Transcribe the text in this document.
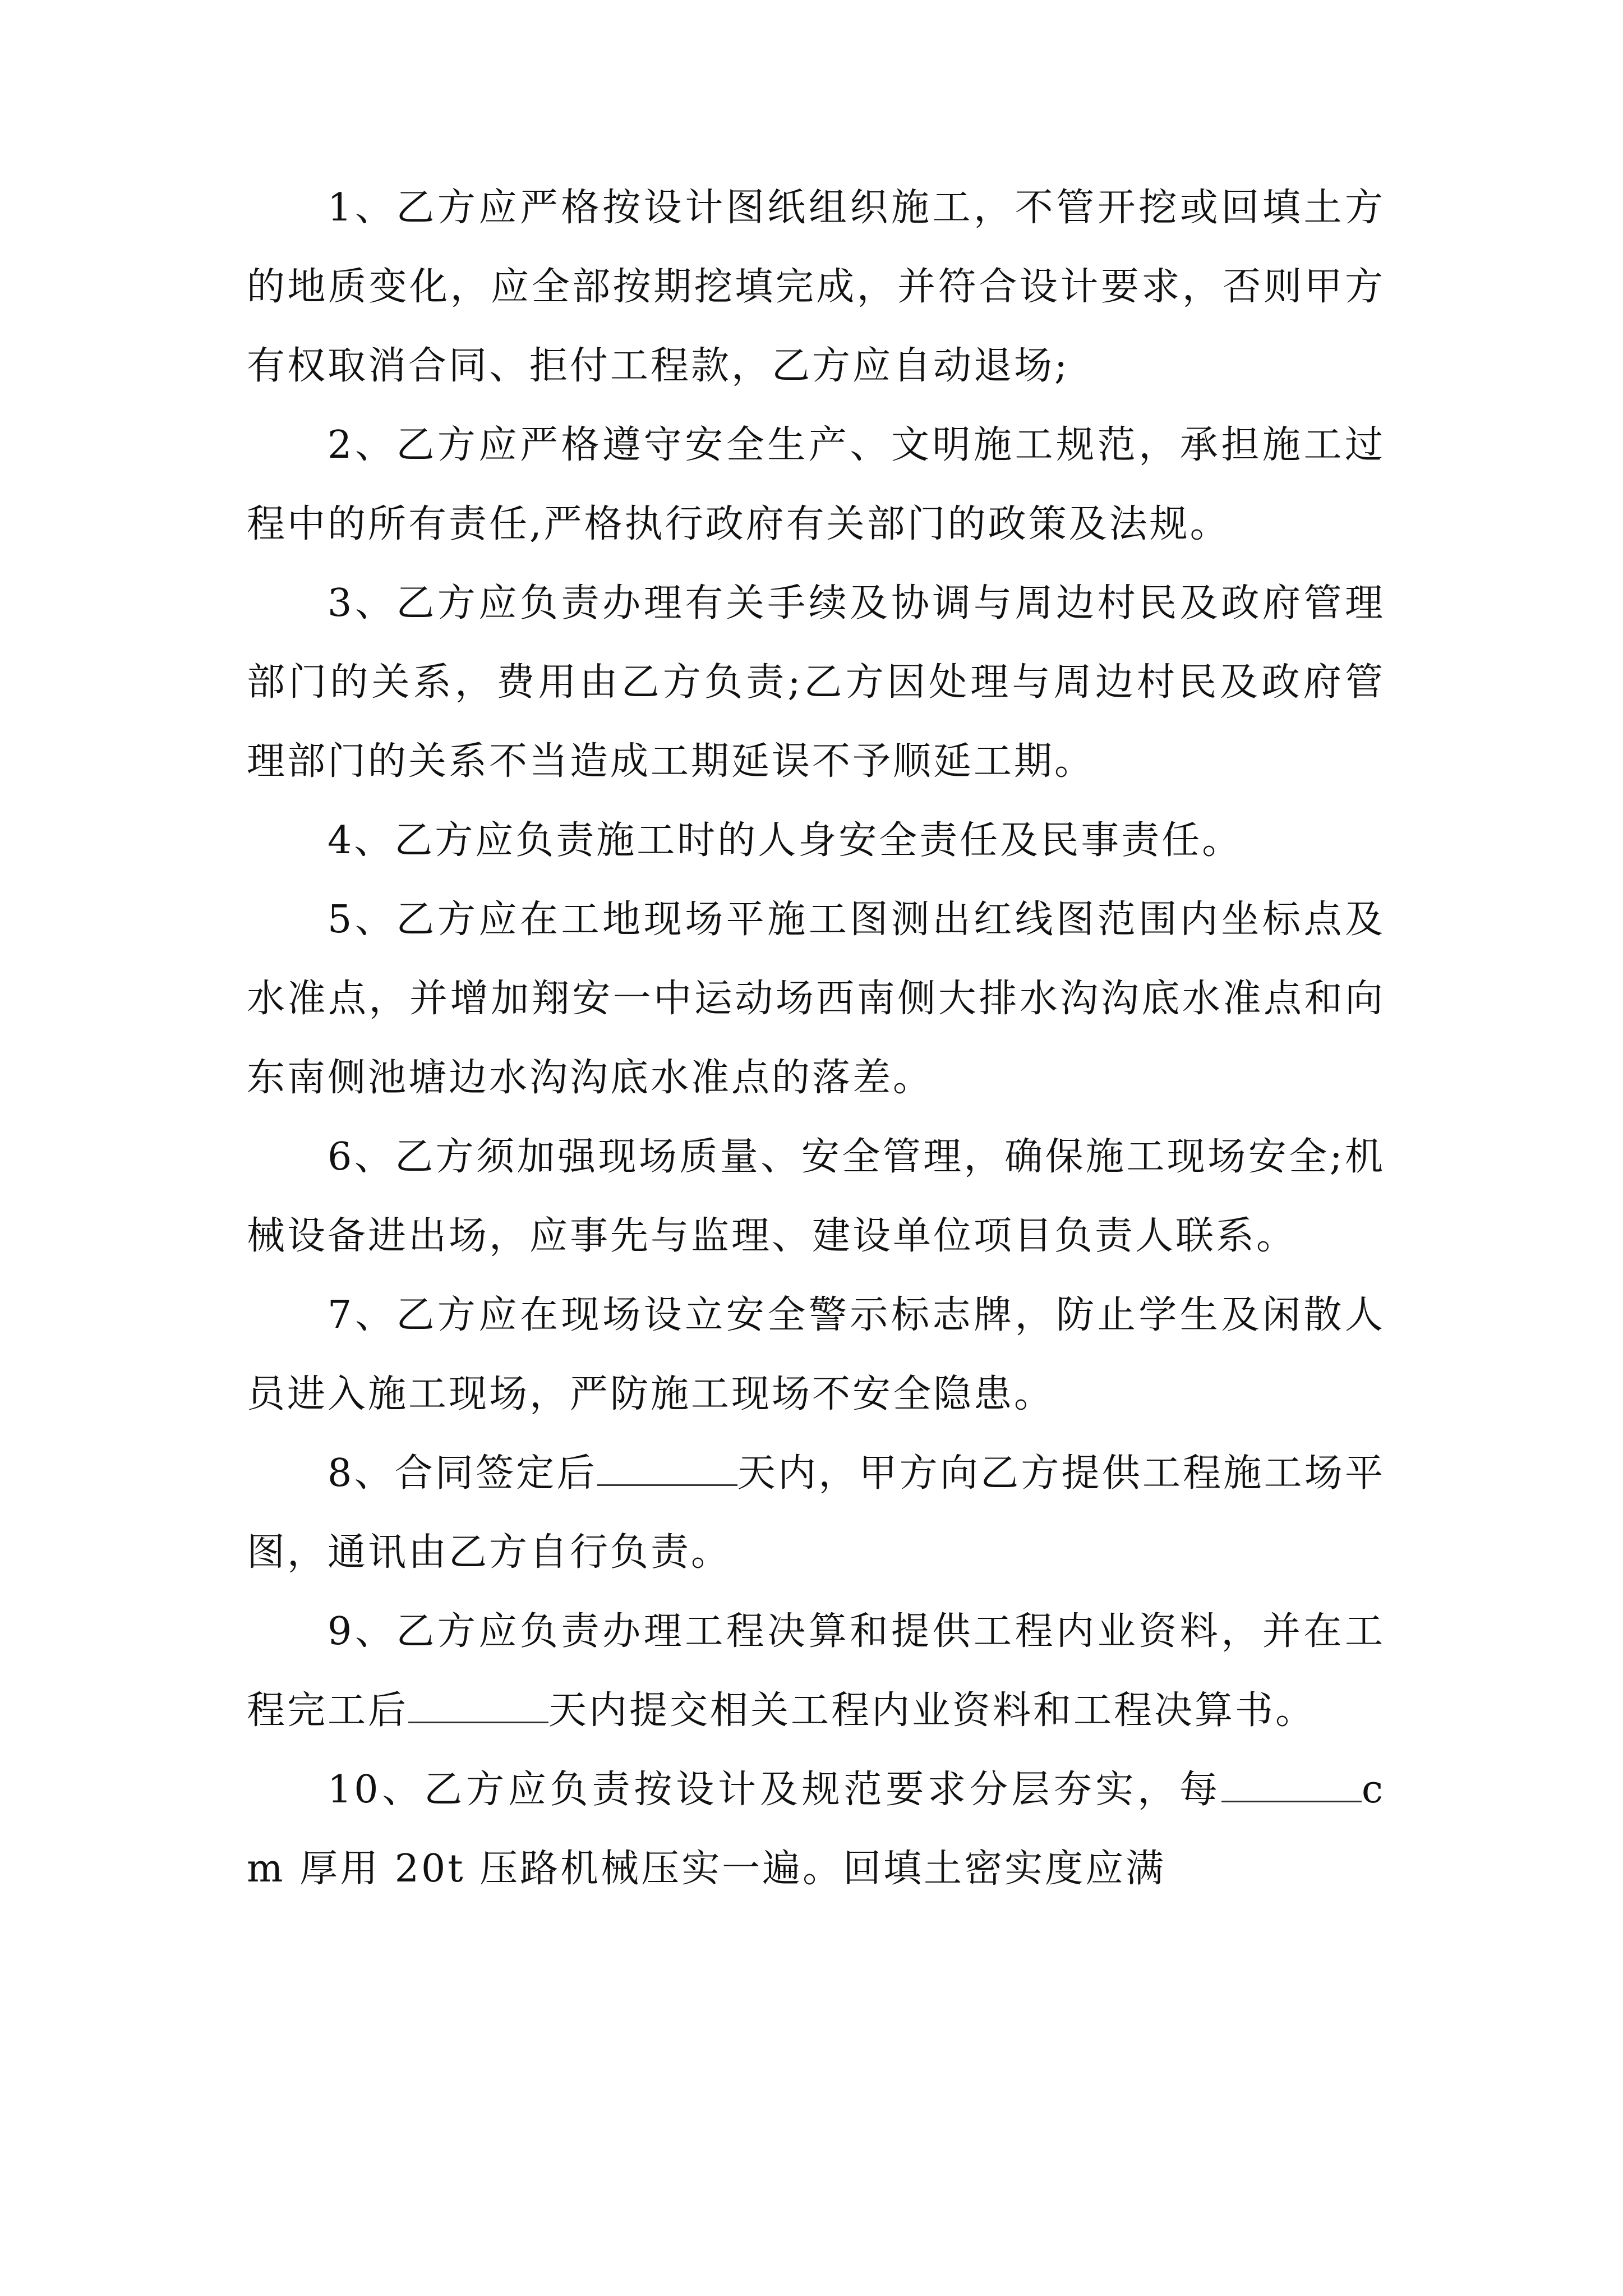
1、乙方应严格按设计图纸组织施工，不管开挖或回填土方的地质变化，应全部按期挖填完成，并符合设计要求，否则甲方有权取消合同、拒付工程款，乙方应自动退场;

2、乙方应严格遵守安全生产、文明施工规范，承担施工过程中的所有责任,严格执行政府有关部门的政策及法规。

3、乙方应负责办理有关手续及协调与周边村民及政府管理部门的关系，费用由乙方负责;乙方因处理与周边村民及政府管理部门的关系不当造成工期延误不予顺延工期。

4、乙方应负责施工时的人身安全责任及民事责任。

5、乙方应在工地现场平施工图测出红线图范围内坐标点及水准点，并增加翔安一中运动场西南侧大排水沟沟底水准点和向东南侧池塘边水沟沟底水准点的落差。

6、乙方须加强现场质量、安全管理，确保施工现场安全;机械设备进出场，应事先与监理、建设单位项目负责人联系。

7、乙方应在现场设立安全警示标志牌，防止学生及闲散人员进入施工现场，严防施工现场不安全隐患。

8、合同签定后	天内，甲方向乙方提供工程施工场平图，通讯由乙方自行负责。

9、乙方应负责办理工程决算和提供工程内业资料，并在工程完工后	天内提交相关工程内业资料和工程决算书。

10、乙方应负责按设计及规范要求分层夯实，每	cm 厚用 20t 压路机械压实一遍。回填土密实度应满
